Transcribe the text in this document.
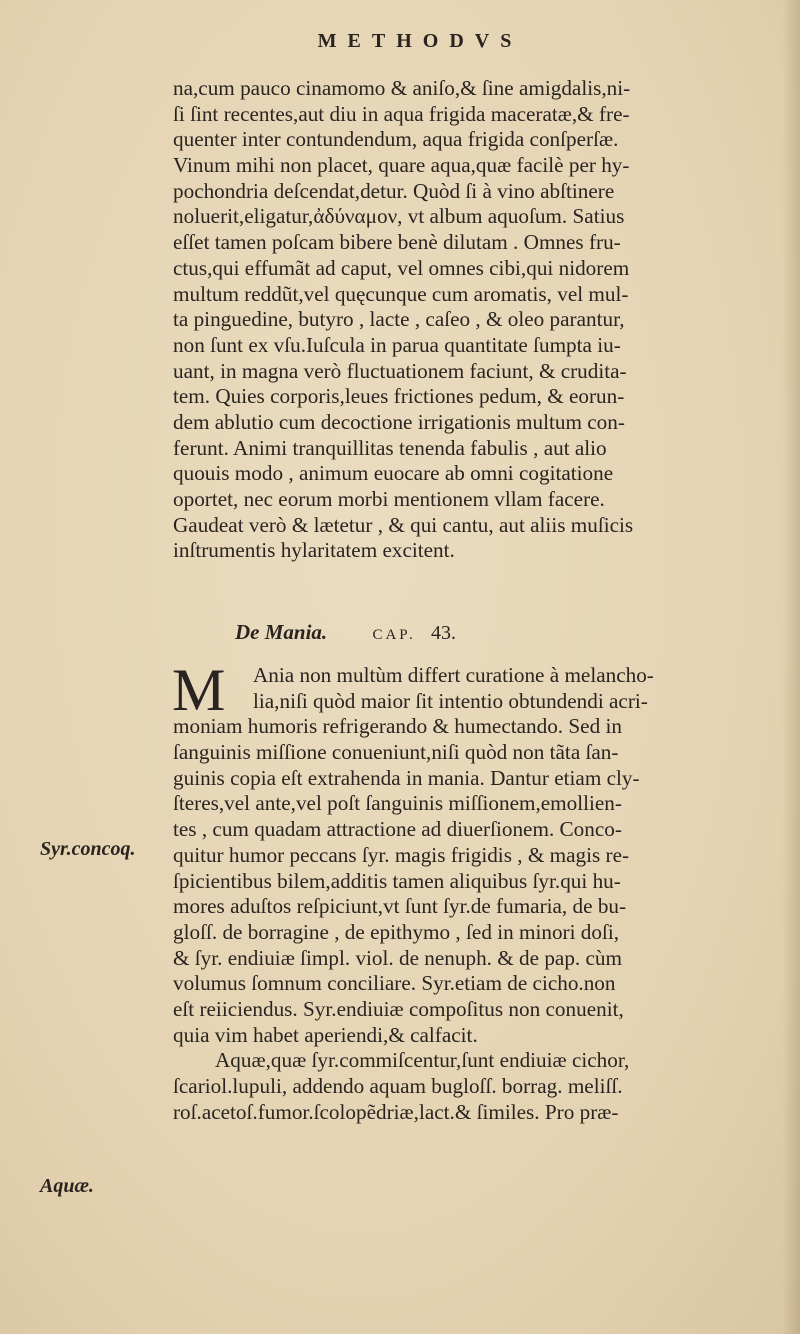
METHODVS
na,cum pauco cinamomo & aniſo,& ſine amigdalis,ni-
ſi ſint recentes,aut diu in aqua frigida maceratæ,& fre-
quenter inter contundendum, aqua frigida conſperſæ.
Vinum mihi non placet, quare aqua,quæ facilè per hy-
pochondria deſcendat,detur. Quòd ſi à vino abſtinere
noluerit,eligatur,ἀδύναμον, vt album aquoſum. Satius
eſſet tamen poſcam bibere benè dilutam . Omnes fru-
ctus,qui effumãt ad caput, vel omnes cibi,qui nidorem
multum reddũt,vel quęcunque cum aromatis, vel mul-
ta pinguedine, butyro , lacte , caſeo , & oleo parantur,
non ſunt ex vſu.Iuſcula in parua quantitate ſumpta iu-
uant, in magna verò fluctuationem faciunt, & crudita-
tem. Quies corporis,leues frictiones pedum, & eorun-
dem ablutio cum decoctione irrigationis multum con-
ferunt. Animi tranquillitas tenenda fabulis , aut alio
quouis modo , animum euocare ab omni cogitatione
oportet, nec eorum morbi mentionem vllam facere.
Gaudeat verò & lætetur , & qui cantu, aut aliis muſicis
inſtrumentis hylaritatem excitent.
De Mania.	CAP. 43.
M	Ania non multùm differt curatione à melancho-
lia,niſi quòd maior ſit intentio obtundendi acri-
moniam humoris refrigerando & humectando. Sed in
ſanguinis miſſione conueniunt,niſi quòd non tãta ſan-
guinis copia eſt extrahenda in mania. Dantur etiam cly-
ſteres,vel ante,vel poſt ſanguinis miſſionem,emollien-
tes , cum quadam attractione ad diuerſionem. Conco-
quitur humor peccans ſyr. magis frigidis , & magis re-
ſpicientibus bilem,additis tamen aliquibus ſyr.qui hu-
mores aduſtos reſpiciunt,vt ſunt ſyr.de fumaria, de bu-
gloſſ. de borragine , de epithymo , ſed in minori doſi,
& ſyr. endiuiæ ſimpl. viol. de nenuph. & de pap. cùm
volumus ſomnum conciliare. Syr.etiam de cicho.non
eſt reiiciendus. Syr.endiuiæ compoſitus non conuenit,
quia vim habet aperiendi,& calfacit.
Aquæ,quæ ſyr.commiſcentur,ſunt endiuiæ cichor,
ſcariol.lupuli, addendo aquam bugloſſ. borrag. meliſſ.
roſ.acetoſ.fumor.ſcolopẽdriæ,lact.& ſimiles. Pro præ-
Syr.concoq.
Aquæ.
